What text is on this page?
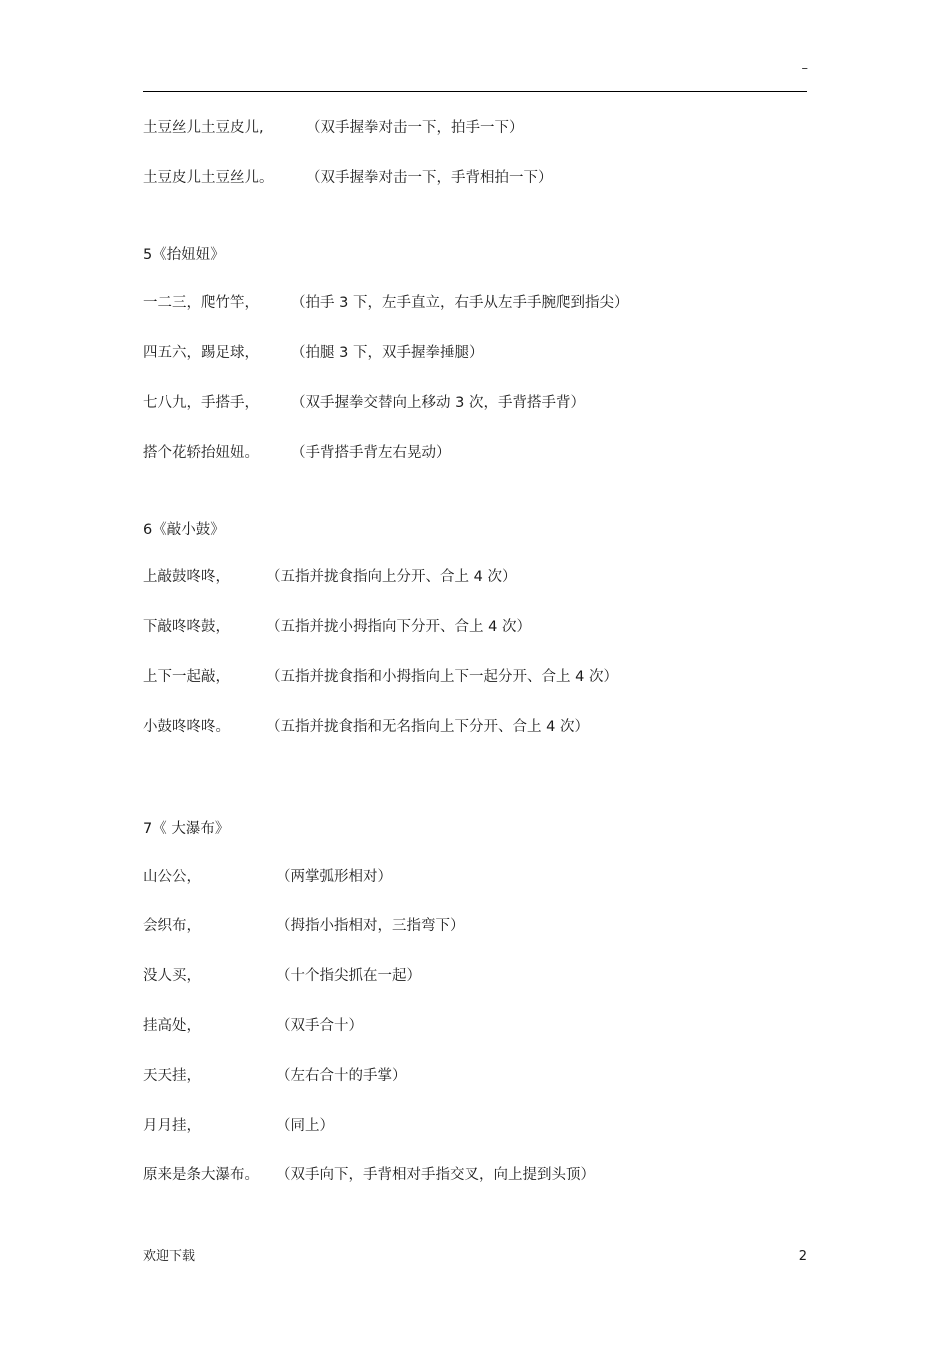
–
土豆丝儿土豆皮儿,	（双手握拳对击一下，拍手一下）
土豆皮儿土豆丝儿。 （双手握拳对击一下，手背相拍一下）
5《抬妞妞》
一二三，爬竹竿， （拍手 3 下，左手直立，右手从左手手腕爬到指尖）
四五六，踢足球， （拍腿 3 下，双手握拳捶腿）
七八九，手搭手， （双手握拳交替向上移动 3 次，手背搭手背）
搭个花轿抬妞妞。 （手背搭手背左右晃动）
6《敲小鼓》
上敲鼓咚咚， （五指并拢食指向上分开、合上 4 次）
下敲咚咚鼓， （五指并拢小拇指向下分开、合上 4 次）
上下一起敲， （五指并拢食指和小拇指向上下一起分开、合上 4 次）
小鼓咚咚咚。 （五指并拢食指和无名指向上下分开、合上 4 次）
7《 大瀑布》
山公公，	（两掌弧形相对）
会织布，	（拇指小指相对，三指弯下）
没人买，	（十个指尖抓在一起）
挂高处，	（双手合十）
天天挂，	（左右合十的手掌）
月月挂，	（同上）
原来是条大瀑布。 （双手向下，手背相对手指交叉，向上提到头顶）
欢迎下载	2
